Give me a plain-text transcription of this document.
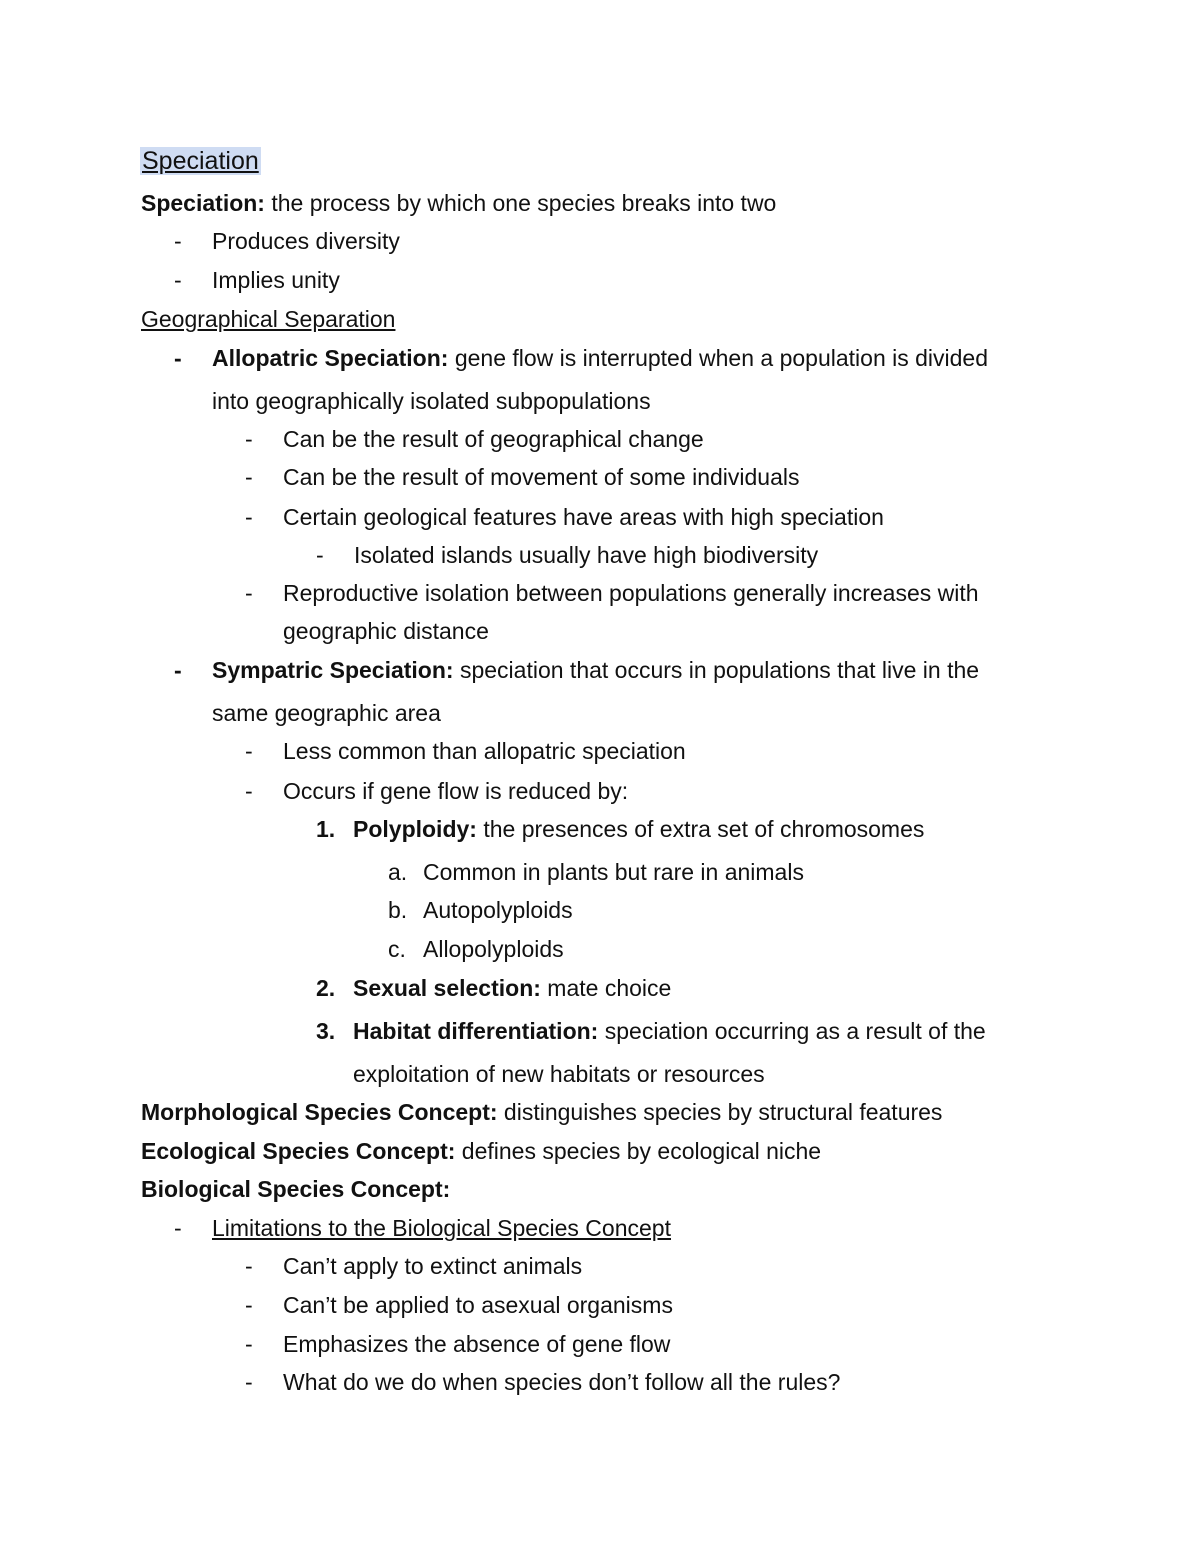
Speciation
Speciation: the process by which one species breaks into two
- Produces diversity
- Implies unity
Geographical Separation
- Allopatric Speciation: gene flow is interrupted when a population is divided
into geographically isolated subpopulations
- Can be the result of geographical change
- Can be the result of movement of some individuals
- Certain geological features have areas with high speciation
- Isolated islands usually have high biodiversity
- Reproductive isolation between populations generally increases with
geographic distance
- Sympatric Speciation: speciation that occurs in populations that live in the
same geographic area
- Less common than allopatric speciation
- Occurs if gene flow is reduced by:
1. Polyploidy: the presences of extra set of chromosomes
a. Common in plants but rare in animals
b. Autopolyploids
c. Allopolyploids
2. Sexual selection: mate choice
3. Habitat differentiation: speciation occurring as a result of the
exploitation of new habitats or resources
Morphological Species Concept: distinguishes species by structural features
Ecological Species Concept: defines species by ecological niche
Biological Species Concept:
- Limitations to the Biological Species Concept
- Can’t apply to extinct animals
- Can’t be applied to asexual organisms
- Emphasizes the absence of gene flow
- What do we do when species don’t follow all the rules?
